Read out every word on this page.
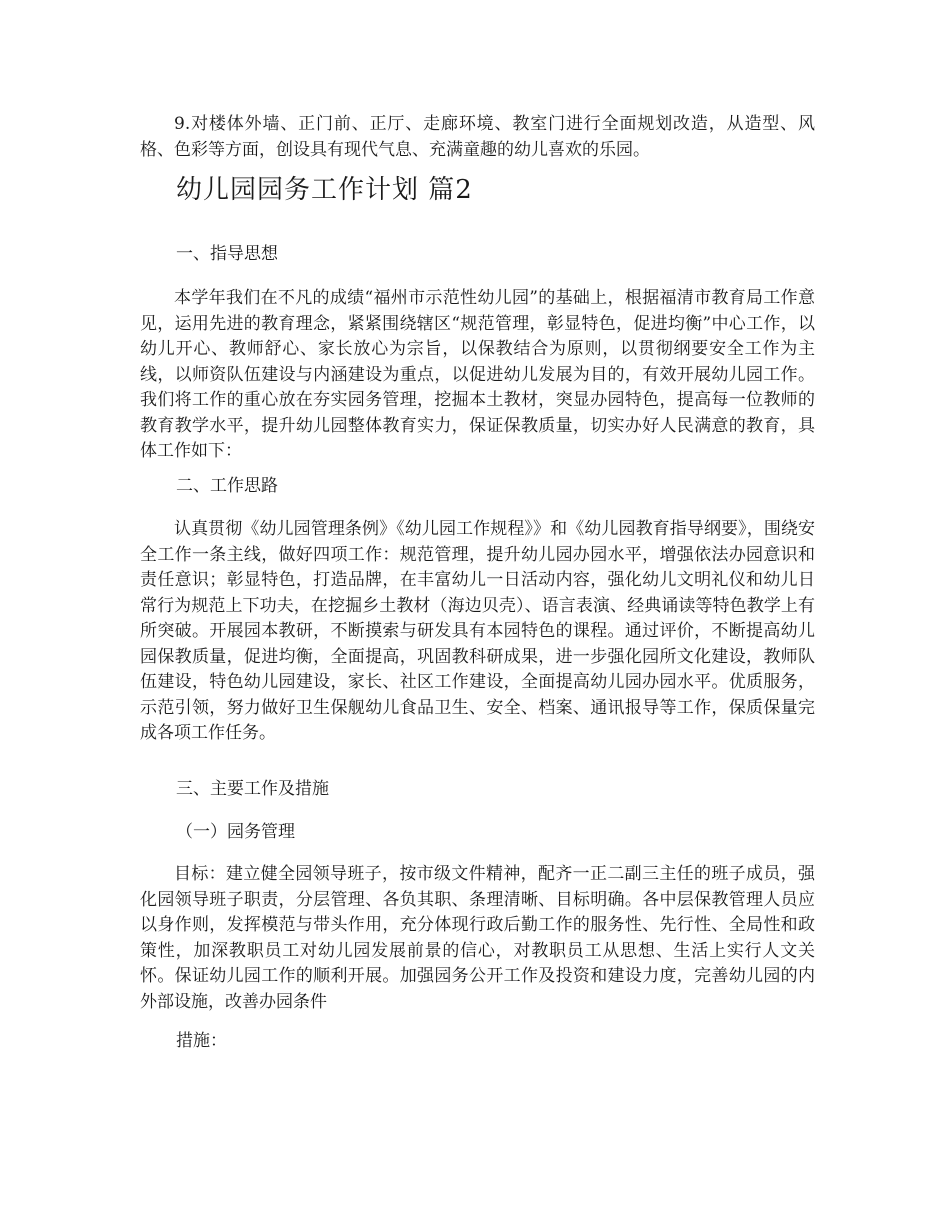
9.对楼体外墙、正门前、正厅、走廊环境、教室门进行全面规划改造，从造型、风格、色彩等方面，创设具有现代气息、充满童趣的幼儿喜欢的乐园。

幼儿园园务工作计划 篇2

一、指导思想

本学年我们在不凡的成绩“福州市示范性幼儿园”的基础上，根据福清市教育局工作意见，运用先进的教育理念，紧紧围绕辖区“规范管理，彰显特色，促进均衡”中心工作，以幼儿开心、教师舒心、家长放心为宗旨，以保教结合为原则，以贯彻纲要安全工作为主线，以师资队伍建设与内涵建设为重点，以促进幼儿发展为目的，有效开展幼儿园工作。我们将工作的重心放在夯实园务管理，挖掘本土教材，突显办园特色，提高每一位教师的教育教学水平，提升幼儿园整体教育实力，保证保教质量，切实办好人民满意的教育，具体工作如下：

二、工作思路

认真贯彻《幼儿园管理条例》《幼儿园工作规程》》和《幼儿园教育指导纲要》，围绕安全工作一条主线，做好四项工作：规范管理，提升幼儿园办园水平，增强依法办园意识和责任意识；彰显特色，打造品牌，在丰富幼儿一日活动内容，强化幼儿文明礼仪和幼儿日常行为规范上下功夫，在挖掘乡土教材（海边贝壳）、语言表演、经典诵读等特色教学上有所突破。开展园本教研，不断摸索与研发具有本园特色的课程。通过评价，不断提高幼儿园保教质量，促进均衡，全面提高，巩固教科研成果，进一步强化园所文化建设，教师队伍建设，特色幼儿园建设，家长、社区工作建设，全面提高幼儿园办园水平。优质服务，示范引领，努力做好卫生保舰幼儿食品卫生、安全、档案、通讯报导等工作，保质保量完成各项工作任务。

三、主要工作及措施

（一）园务管理

目标：建立健全园领导班子，按市级文件精神，配齐一正二副三主任的班子成员，强化园领导班子职责，分层管理、各负其职、条理清晰、目标明确。各中层保教管理人员应以身作则，发挥模范与带头作用，充分体现行政后勤工作的服务性、先行性、全局性和政策性，加深教职员工对幼儿园发展前景的信心，对教职员工从思想、生活上实行人文关怀。保证幼儿园工作的顺利开展。加强园务公开工作及投资和建设力度，完善幼儿园的内外部设施，改善办园条件

措施：
